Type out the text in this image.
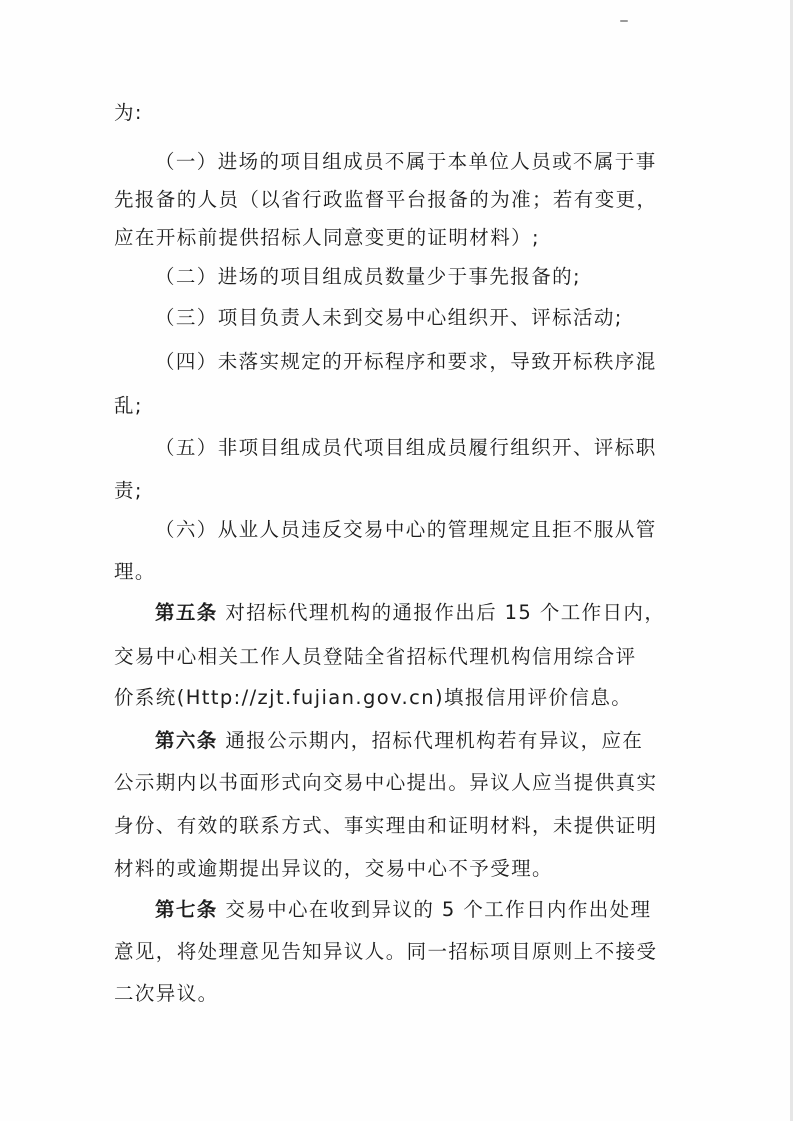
为:
（一）进场的项目组成员不属于本单位人员或不属于事
先报备的人员（以省行政监督平台报备的为准；若有变更，
应在开标前提供招标人同意变更的证明材料）;
（二）进场的项目组成员数量少于事先报备的;
（三）项目负责人未到交易中心组织开、评标活动;
（四）未落实规定的开标程序和要求，导致开标秩序混
乱;
（五）非项目组成员代项目组成员履行组织开、评标职
责;
（六）从业人员违反交易中心的管理规定且拒不服从管
理。
第五条 对招标代理机构的通报作出后 15 个工作日内，
交易中心相关工作人员登陆全省招标代理机构信用综合评
价系统(Http://zjt.fujian.gov.cn)填报信用评价信息。
第六条 通报公示期内，招标代理机构若有异议，应在
公示期内以书面形式向交易中心提出。异议人应当提供真实
身份、有效的联系方式、事实理由和证明材料，未提供证明
材料的或逾期提出异议的，交易中心不予受理。
第七条 交易中心在收到异议的 5 个工作日内作出处理
意见，将处理意见告知异议人。同一招标项目原则上不接受
二次异议。
